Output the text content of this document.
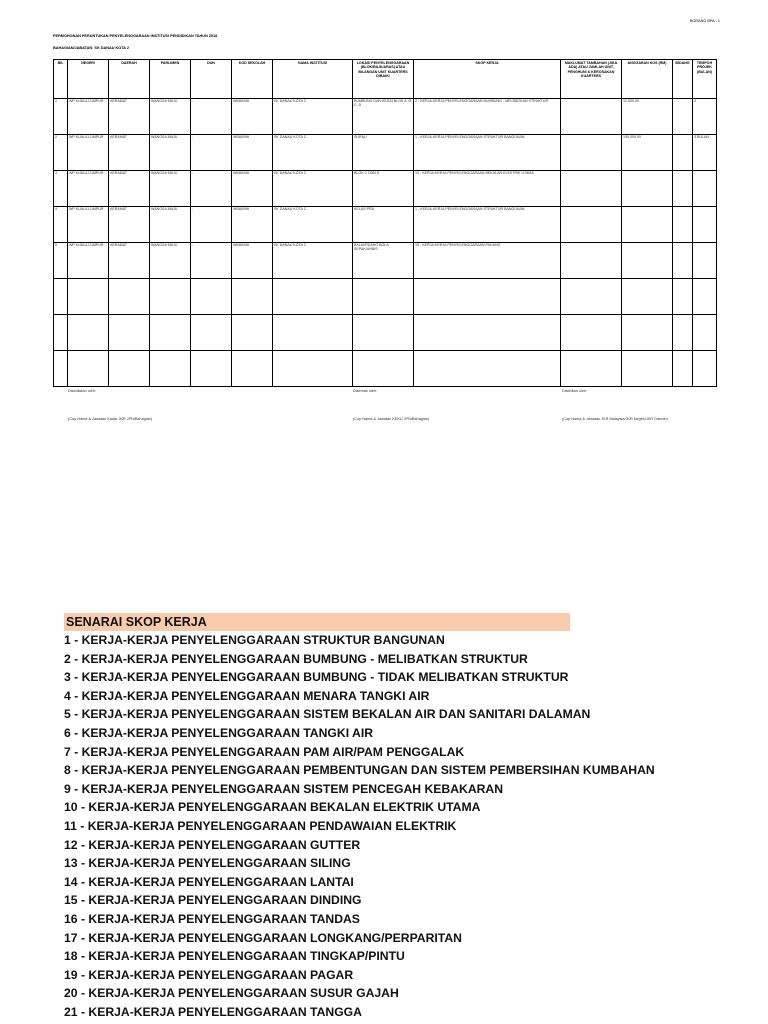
BORANG BPA - 1
PERMOHONAN PERUNTUKAN PENYELENGGARAAN INSTITUSI PENDIDIKAN TAHUN 2018
BAHAGIAN/JABATAN: SK DANAU KOTA 2
BIL	NEGERI	DAERAH	PARLIMEN	DUN	KOD SEKOLAH	NAMA INSTITUSI	LOKASI PENYELENGGARAAN (BLOK/BILIK/ARAS) ATAU BILANGAN UNIT KUARTERS DIBAIKI	SKOP KERJA	MAKLUMAT TAMBAHAN (JIKA ADA) ATAU JUMLAH UNIT, PENGHUNI & KEROSAKAN KUARTERS	ANGGARAN KOS (RM)	BIDANG	TEMPOH PROJEK (BULAN)
1	WP KUALA LUMPUR	KERAMAT	WANGSA MAJU	-	WBA0096	SK DANAU KOTA 2	BUMBUNG DAN KEDAI BLOK A, B, C, D	2 - KERJA-KERJA PENYELENGGARAAN BUMBUNG - MELIBATKAN STRUKTUR		12,500.00		3
2	WP KUALA LUMPUR	KERAMAT	WANGSA MAJU	-	WBA0096	SK DANAU KOTA 2	SURAU	1 - KERJA-KERJA PENYELENGGARAAN STRUKTUR BANGUNAN		150,000.00		3 BULAN
3	WP KUALA LUMPUR	KERAMAT	WANGSA MAJU	-	WBA0096	SK DANAU KOTA 2	BLOK C DAN D	10 - KERJA-KERJA PENYELENGGARAAN BEKALAN ELEKTRIK UTAMA				
4	WP KUALA LUMPUR	KERAMAT	WANGSA MAJU	-	WBA0096	SK DANAU KOTA 2	KELAS PRA	1 - KERJA-KERJA PENYELENGGARAAN STRUKTUR BANGUNAN				
5	WP KUALA LUMPUR	KERAMAT	WANGSA MAJU	-	WBA0096	SK DANAU KOTA 2	BALAI/RUANG BOLA SEPAK/ANNIS	15 - KERJA-KERJA PENYELENGGARAAN PADANG				

Disediakan oleh:	Disemak oleh:	Disahkan oleh:
(Cop Nama & Jawatan Kadar JKR JPN/Bahagian)	(Cop Nama & Jawatan KEKU JPN/Bahagian)	(Cop Nama & Jawatan JKR Malaysia/JKR Negeri/JKR Daerah)
SENARAI SKOP KERJA
1 - KERJA-KERJA PENYELENGGARAAN STRUKTUR BANGUNAN
2 - KERJA-KERJA PENYELENGGARAAN BUMBUNG - MELIBATKAN STRUKTUR
3 - KERJA-KERJA PENYELENGGARAAN BUMBUNG - TIDAK MELIBATKAN STRUKTUR
4 - KERJA-KERJA PENYELENGGARAAN MENARA TANGKI AIR
5 - KERJA-KERJA PENYELENGGARAAN SISTEM BEKALAN AIR DAN SANITARI DALAMAN
6 - KERJA-KERJA PENYELENGGARAAN TANGKI AIR
7 - KERJA-KERJA PENYELENGGARAAN PAM AIR/PAM PENGGALAK
8 - KERJA-KERJA PENYELENGGARAAN PEMBENTUNGAN DAN SISTEM PEMBERSIHAN KUMBAHAN
9 - KERJA-KERJA PENYELENGGARAAN SISTEM PENCEGAH KEBAKARAN
10 - KERJA-KERJA PENYELENGGARAAN BEKALAN ELEKTRIK UTAMA
11 - KERJA-KERJA PENYELENGGARAAN PENDAWAIAN ELEKTRIK
12 - KERJA-KERJA PENYELENGGARAAN GUTTER
13 - KERJA-KERJA PENYELENGGARAAN SILING
14 - KERJA-KERJA PENYELENGGARAAN LANTAI
15 - KERJA-KERJA PENYELENGGARAAN DINDING
16 - KERJA-KERJA PENYELENGGARAAN TANDAS
17 - KERJA-KERJA PENYELENGGARAAN LONGKANG/PERPARITAN
18 - KERJA-KERJA PENYELENGGARAAN TINGKAP/PINTU
19 - KERJA-KERJA PENYELENGGARAAN PAGAR
20 - KERJA-KERJA PENYELENGGARAAN SUSUR GAJAH
21 - KERJA-KERJA PENYELENGGARAAN TANGGA
